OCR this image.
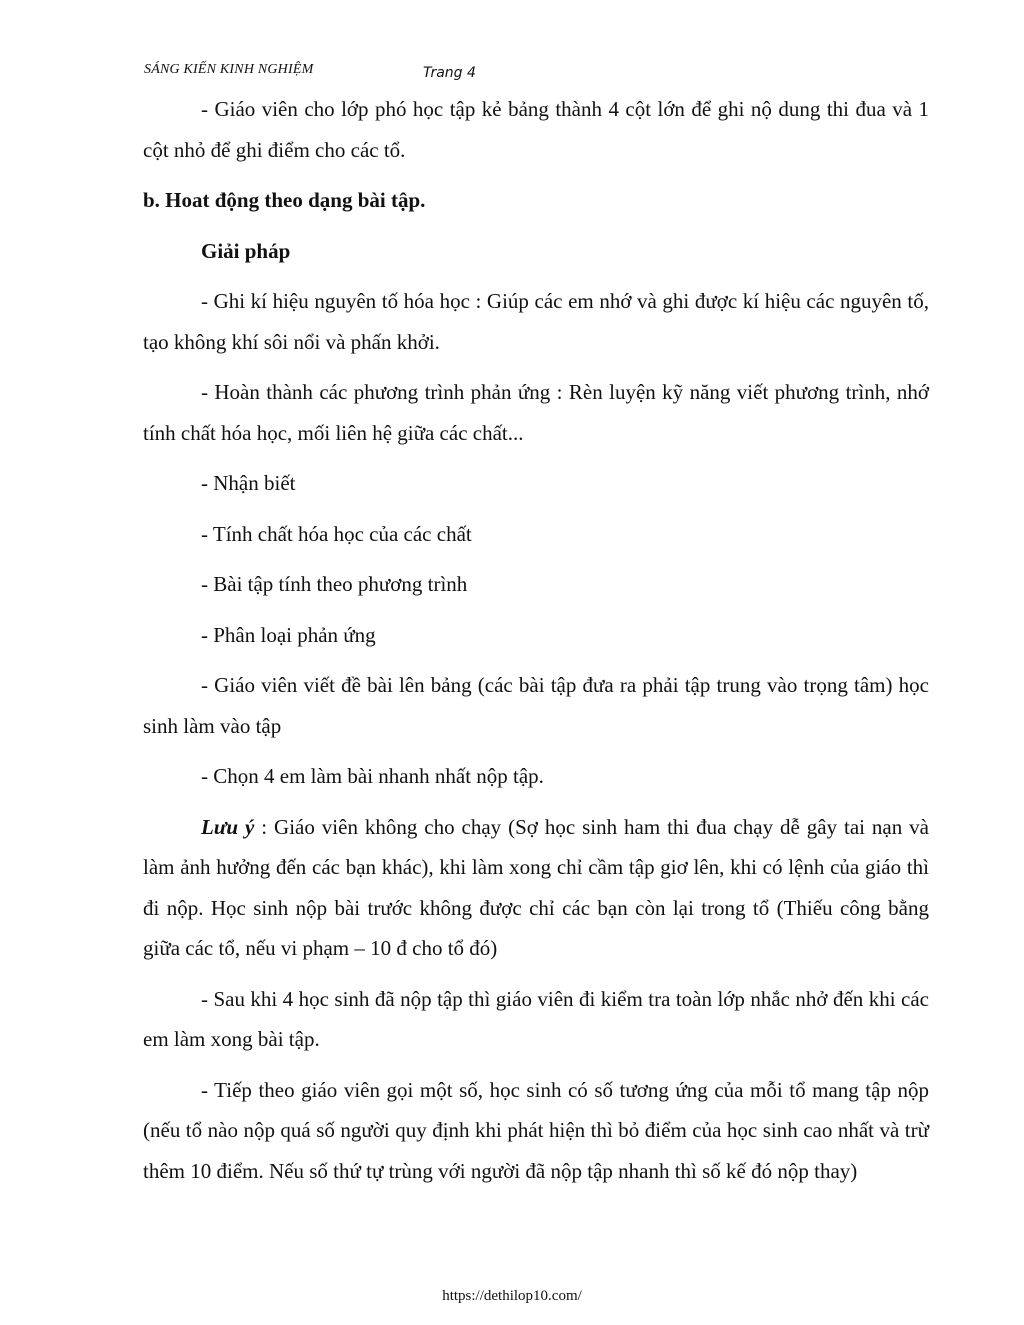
SÁNG KIẾN KINH NGHIỆM	Trang 4

- Giáo viên cho lớp phó học tập kẻ bảng thành 4 cột lớn để ghi nộ dung thi đua và 1 cột nhỏ để ghi điểm cho các tổ.

b. Hoat động theo dạng bài tập.

Giải pháp

- Ghi kí hiệu nguyên tố hóa học : Giúp các em nhớ và ghi được kí hiệu các nguyên tố, tạo không khí sôi nổi và phấn khởi.

- Hoàn thành các phương trình phản ứng : Rèn luyện kỹ năng viết phương trình, nhớ tính chất hóa học, mối liên hệ giữa các chất...

- Nhận biết

- Tính chất hóa học của các chất

- Bài tập tính theo phương trình

- Phân loại phản ứng

- Giáo viên viết đề bài lên bảng (các bài tập đưa ra phải tập trung vào trọng tâm) học sinh làm vào tập

- Chọn 4 em làm bài nhanh nhất nộp tập.

Lưu ý : Giáo viên không cho chạy (Sợ học sinh ham thi đua chạy dễ gây tai nạn và làm ảnh hưởng đến các bạn khác), khi làm xong chỉ cầm tập giơ lên, khi có lệnh của giáo thì đi nộp. Học sinh nộp bài trước không được chỉ các bạn còn lại trong tổ (Thiếu công bằng giữa các tổ, nếu vi phạm – 10 đ cho tổ đó)

- Sau khi 4 học sinh đã nộp tập thì giáo viên đi kiểm tra toàn lớp nhắc nhở đến khi các em làm xong bài tập.

- Tiếp theo giáo viên gọi một số, học sinh có số tương ứng của mỗi tổ mang tập nộp (nếu tổ nào nộp quá số người quy định khi phát hiện thì bỏ điểm của học sinh cao nhất và trừ thêm 10 điểm. Nếu số thứ tự trùng với người đã nộp tập nhanh thì số kế đó nộp thay)

https://dethilop10.com/
